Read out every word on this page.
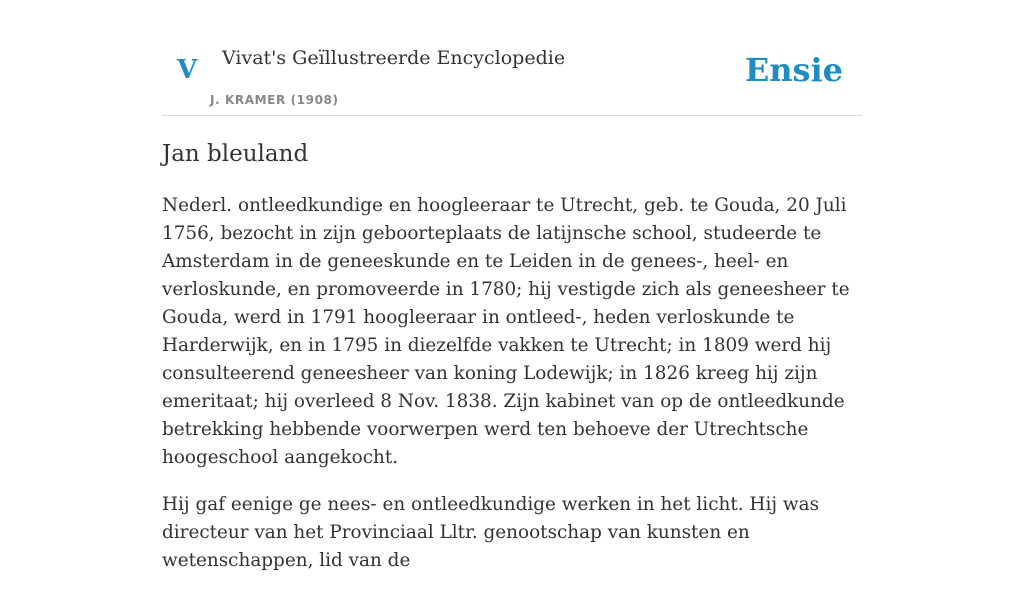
V Vivat's Geïllustreerde Encyclopedie
J. KRAMER (1908)
Ensie
Jan bleuland

Nederl. ontleedkundige en hoogleeraar te Utrecht, geb. te Gouda, 20 Juli 1756, bezocht in zijn geboorteplaats de latijnsche school, studeerde te Amsterdam in de geneeskunde en te Leiden in de genees-, heel- en verloskunde, en promoveerde in 1780; hij vestigde zich als geneesheer te Gouda, werd in 1791 hoogleeraar in ontleed-, heden verloskunde te Harderwijk, en in 1795 in diezelfde vakken te Utrecht; in 1809 werd hij consulteerend geneesheer van koning Lodewijk; in 1826 kreeg hij zijn emeritaat; hij overleed 8 Nov. 1838. Zijn kabinet van op de ontleedkunde betrekking hebbende voorwerpen werd ten behoeve der Utrechtsche hoogeschool aangekocht.

Hij gaf eenige ge nees- en ontleedkundige werken in het licht. Hij was directeur van het Provinciaal Lltr. genootschap van kunsten en wetenschappen, lid van de
